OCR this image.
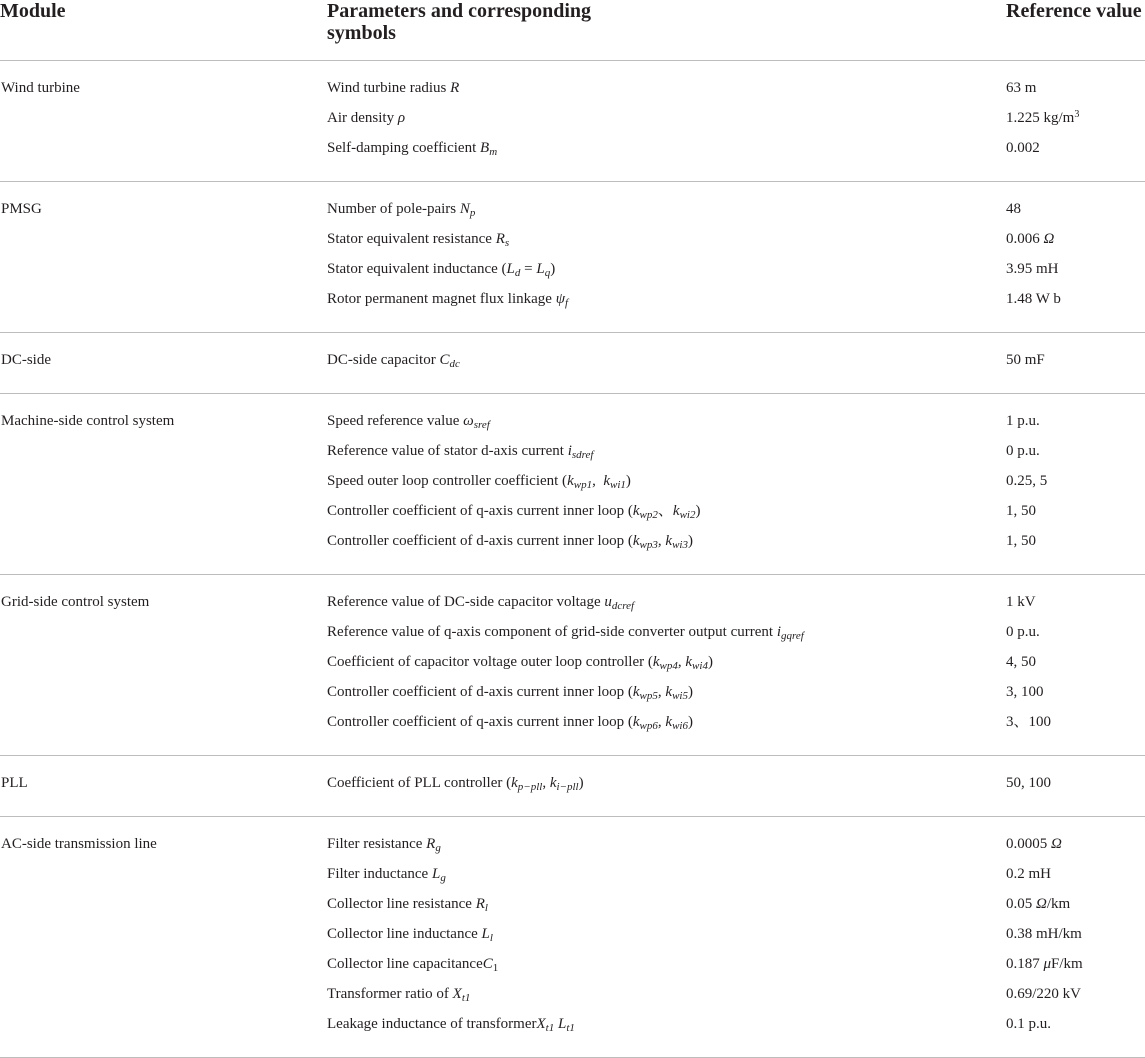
Module	Parameters and corresponding symbols	Reference value

Wind turbine	Wind turbine radius R	63 m
	Air density ρ	1.225 $kg/m^3$
	Self-damping coefficient $B_m$	0.002
PMSG	Number of pole-pairs $N_p$	48
	Stator equivalent resistance $R_s$	0.006 Ω
	Stator equivalent inductance $(L_d = L_q)$	3.95 mH
	Rotor permanent magnet flux linkage $\psi_f$	1.48 W b
DC-side	DC-side capacitor $C_{dc}$	50 mF
Machine-side control system	Speed reference value $\omega_{sref}$	1 p.u.
	Reference value of stator d-axis current $i_{sdref}$	0 p.u.
	Speed outer loop controller coefficient ($k_{wp1}$,  $k_{wi1}$)	0.25, 5
	Controller coefficient of q-axis current inner loop ($k_{wp2}$、$k_{wi2}$)	1, 50
	Controller coefficient of d-axis current inner loop ($k_{wp3}$, $k_{wi3}$)	1, 50
Grid-side control system	Reference value of DC-side capacitor voltage $u_{dcref}$	1 kV
	Reference value of q-axis component of grid-side converter output current $i_{gqref}$	0 p.u.
	Coefficient of capacitor voltage outer loop controller ($k_{wp4}$, $k_{wi4}$)	4, 50
	Controller coefficient of d-axis current inner loop ($k_{wp5}$, $k_{wi5}$)	3, 100
	Controller coefficient of q-axis current inner loop ($k_{wp6}$, $k_{wi6}$)	3、100
PLL	Coefficient of PLL controller ($k_{p-pll}$, $k_{i-pll}$)	50, 100
AC-side transmission line	Filter resistance $R_g$	0.0005 Ω
	Filter inductance $L_g$	0.2 mH
	Collector line resistance $R_l$	0.05 Ω/km
	Collector line inductance $L_l$	0.38 mH/km
	Collector line capacitanceC$_1$	0.187 μF/km
	Transformer ratio of $X_{t1}$	0.69/220 kV
	Leakage inductance of transformerX$_{t1}$ $L_{t1}$	0.1 p.u.
